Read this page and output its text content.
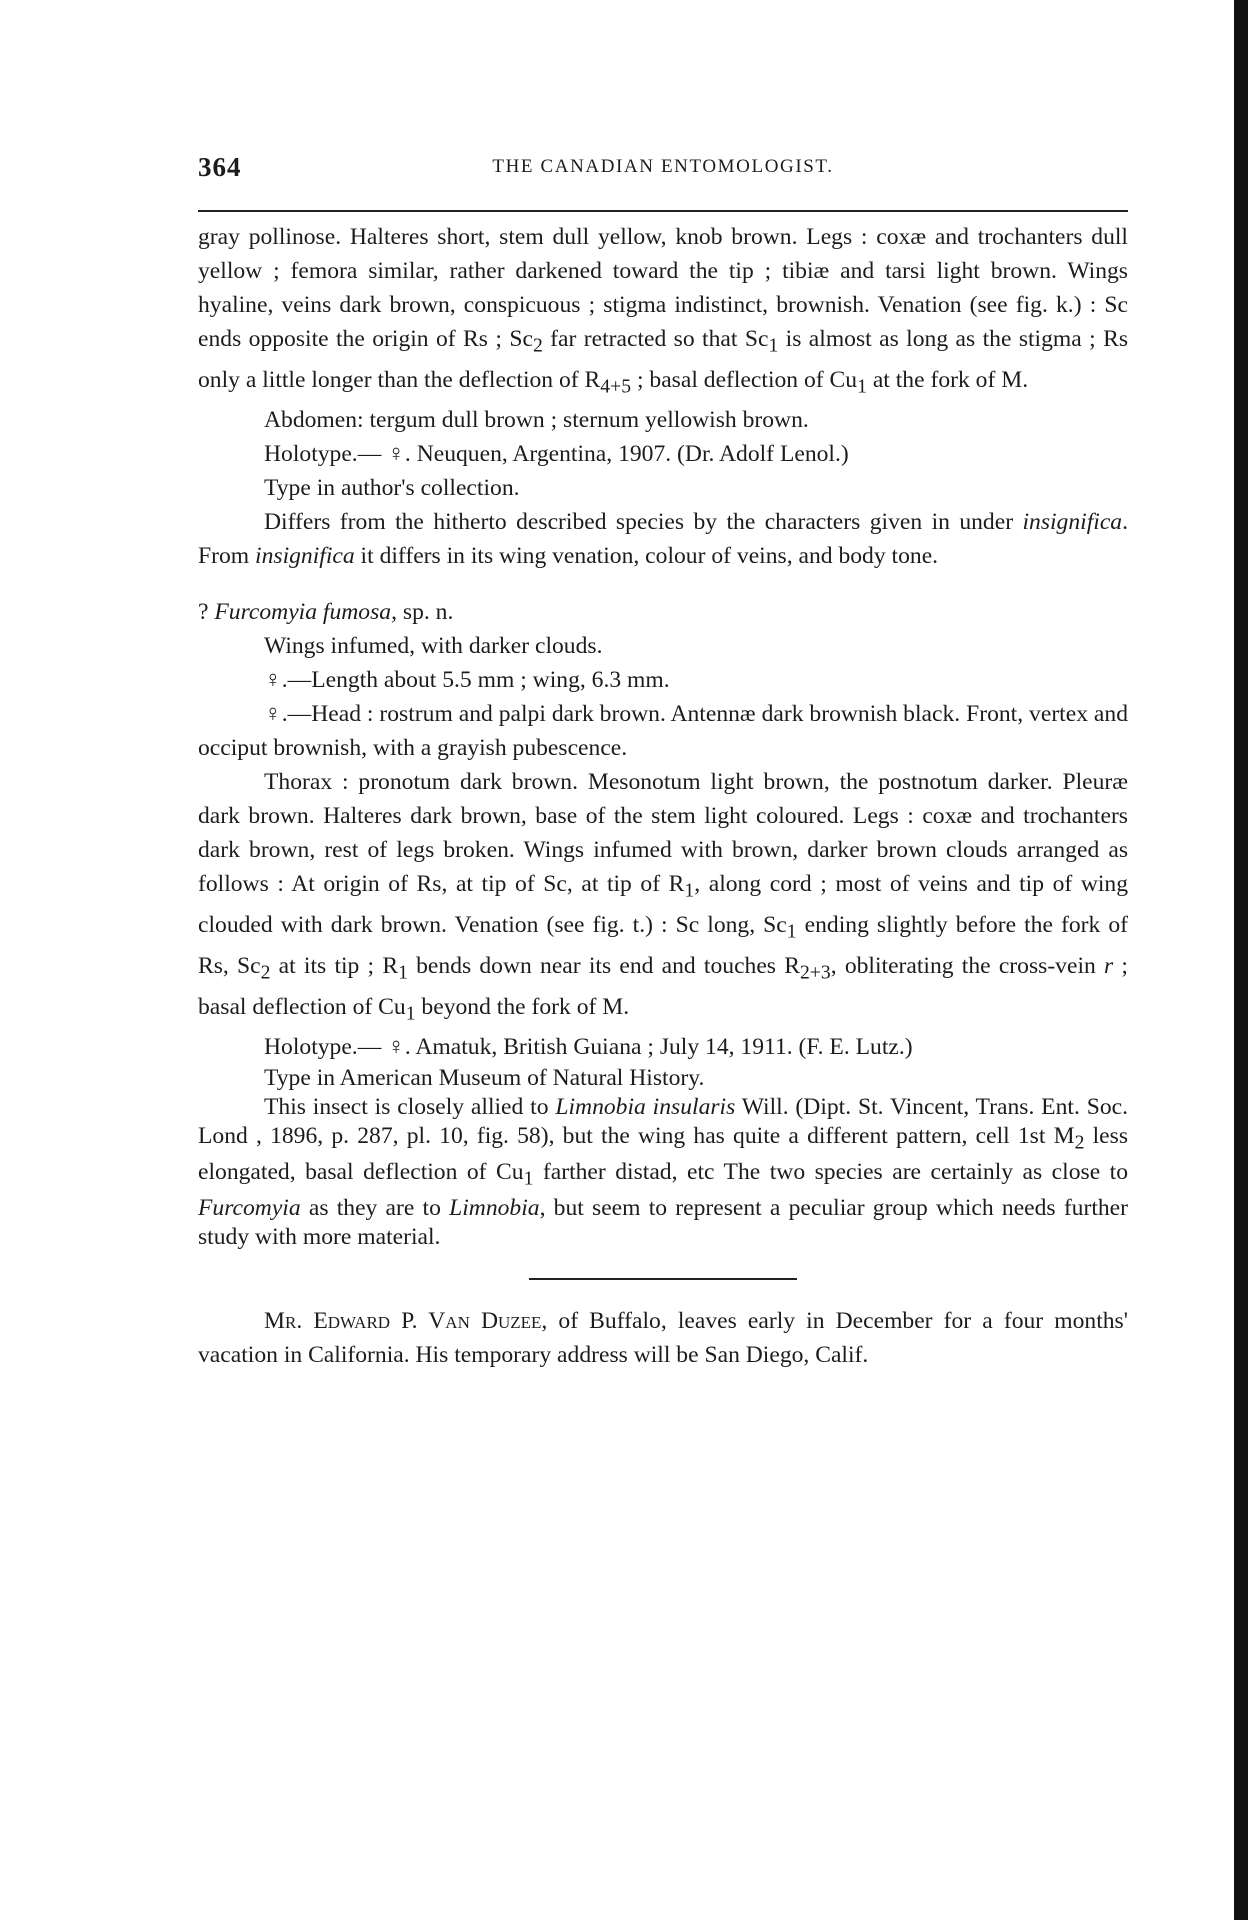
364	THE CANADIAN ENTOMOLOGIST.

gray pollinose. Halteres short, stem dull yellow, knob brown. Legs : coxæ and trochanters dull yellow ; femora similar, rather darkened toward the tip ; tibiæ and tarsi light brown. Wings hyaline, veins dark brown, conspicuous ; stigma indistinct, brownish. Venation (see fig. k.) : Sc ends opposite the origin of Rs ; $Sc_2$ far retracted so that $Sc_1$ is almost as long as the stigma ; Rs only a little longer than the deflection of $R_{4+5}$ ; basal deflection of $Cu_1$ at the fork of M.

Abdomen: tergum dull brown ; sternum yellowish brown.

Holotype.— ♀. Neuquen, Argentina, 1907. (Dr. Adolf Lenol.)

Type in author's collection.

Differs from the hitherto described species by the characters given in under insignifica. From insignifica it differs in its wing venation, colour of veins, and body tone.

? Furcomyia fumosa, sp. n.

Wings infumed, with darker clouds.

♀.—Length about 5.5 mm ; wing, 6.3 mm.

♀.—Head : rostrum and palpi dark brown. Antennæ dark brownish black. Front, vertex and occiput brownish, with a grayish pubescence.

Thorax : pronotum dark brown. Mesonotum light brown, the postnotum darker. Pleuræ dark brown. Halteres dark brown, base of the stem light coloured. Legs : coxæ and trochanters dark brown, rest of legs broken. Wings infumed with brown, darker brown clouds arranged as follows : At origin of Rs, at tip of Sc, at tip of $R_1$, along cord ; most of veins and tip of wing clouded with dark brown. Venation (see fig. t.) : Sc long, $Sc_1$ ending slightly before the fork of Rs, $Sc_2$ at its tip ; $R_1$ bends down near its end and touches $R_{2+3}$, obliterating the cross-vein r ; basal deflection of $Cu_1$ beyond the fork of M.

Holotype.— ♀. Amatuk, British Guiana ; July 14, 1911. (F. E. Lutz.)

Type in American Museum of Natural History.

This insect is closely allied to Limnobia insularis Will. (Dipt. St. Vincent, Trans. Ent. Soc. Lond , 1896, p. 287, pl. 10, fig. 58), but the wing has quite a different pattern, cell 1st $M_2$ less elongated, basal deflection of $Cu_1$ farther distad, etc The two species are certainly as close to Furcomyia as they are to Limnobia, but seem to represent a peculiar group which needs further study with more material.

Mr. Edward P. Van Duzee, of Buffalo, leaves early in December for a four months' vacation in California. His temporary address will be San Diego, Calif.
